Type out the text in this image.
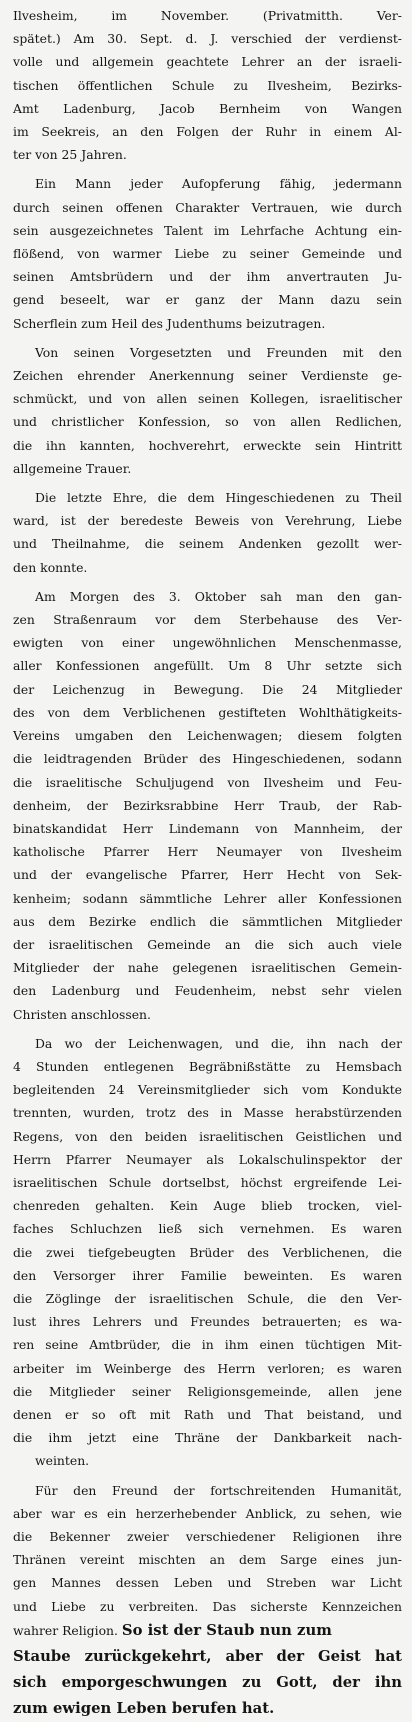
Ilvesheim, im November. (Privatmitth. Ver-
spätet.) Am 30. Sept. d. J. verschied der verdienst-
volle und allgemein geachtete Lehrer an der israeli-
tischen öffentlichen Schule zu Ilvesheim, Bezirks-
Amt Ladenburg, Jacob Bernheim von Wangen
im Seekreis, an den Folgen der Ruhr in einem Al-
ter von 25 Jahren.
Ein Mann jeder Aufopferung fähig, jedermann
durch seinen offenen Charakter Vertrauen, wie durch
sein ausgezeichnetes Talent im Lehrfache Achtung ein-
flößend, von warmer Liebe zu seiner Gemeinde und
seinen Amtsbrüdern und der ihm anvertrauten Ju-
gend beseelt, war er ganz der Mann dazu sein
Scherflein zum Heil des Judenthums beizutragen.
Von seinen Vorgesetzten und Freunden mit den
Zeichen ehrender Anerkennung seiner Verdienste ge-
schmückt, und von allen seinen Kollegen, israelitischer
und christlicher Konfession, so von allen Redlichen,
die ihn kannten, hochverehrt, erweckte sein Hintritt
allgemeine Trauer.
Die letzte Ehre, die dem Hingeschiedenen zu Theil
ward, ist der beredeste Beweis von Verehrung, Liebe
und Theilnahme, die seinem Andenken gezollt wer-
den konnte.
Am Morgen des 3. Oktober sah man den gan-
zen Straßenraum vor dem Sterbehause des Ver-
ewigten von einer ungewöhnlichen Menschenmasse,
aller Konfessionen angefüllt. Um 8 Uhr setzte sich
der Leichenzug in Bewegung. Die 24 Mitglieder
des von dem Verblichenen gestifteten Wohlthätigkeits-
Vereins umgaben den Leichenwagen; diesem folgten
die leidtragenden Brüder des Hingeschiedenen, sodann
die israelitische Schuljugend von Ilvesheim und Feu-
denheim, der Bezirksrabbine Herr Traub, der Rab-
binatskandidat Herr Lindemann von Mannheim, der
katholische Pfarrer Herr Neumayer von Ilvesheim
und der evangelische Pfarrer, Herr Hecht von Sek-
kenheim; sodann sämmtliche Lehrer aller Konfessionen
aus dem Bezirke endlich die sämmtlichen Mitglieder
der israelitischen Gemeinde an die sich auch viele
Mitglieder der nahe gelegenen israelitischen Gemein-
den Ladenburg und Feudenheim, nebst sehr vielen
Christen anschlossen.
Da wo der Leichenwagen, und die, ihn nach der
4 Stunden entlegenen Begräbnißstätte zu Hemsbach
begleitenden 24 Vereinsmitglieder sich vom Kondukte
trennten, wurden, trotz des in Masse herabstürzenden
Regens, von den beiden israelitischen Geistlichen und
Herrn Pfarrer Neumayer als Lokalschulinspektor der
israelitischen Schule dortselbst, höchst ergreifende Lei-
chenreden gehalten. Kein Auge blieb trocken, viel-
faches Schluchzen ließ sich vernehmen. Es waren
die zwei tiefgebeugten Brüder des Verblichenen, die
den Versorger ihrer Familie beweinten. Es waren
die Zöglinge der israelitischen Schule, die den Ver-
lust ihres Lehrers und Freundes betrauerten; es wa-
ren seine Amtbrüder, die in ihm einen tüchtigen Mit-
arbeiter im Weinberge des Herrn verloren; es waren
die Mitglieder seiner Religionsgemeinde, allen jene
denen er so oft mit Rath und That beistand, und
die ihm jetzt eine Thräne der Dankbarkeit nach-
weinten.
Für den Freund der fortschreitenden Humanität,
aber war es ein herzerhebender Anblick, zu sehen, wie
die Bekenner zweier verschiedener Religionen ihre
Thränen vereint mischten an dem Sarge eines jun-
gen Mannes dessen Leben und Streben war Licht
und Liebe zu verbreiten. Das sicherste Kennzeichen
wahrer Religion. So ist der Staub nun zum
Staube zurückgekehrt, aber der Geist hat
sich emporgeschwungen zu Gott, der ihn
zum ewigen Leben berufen hat.
